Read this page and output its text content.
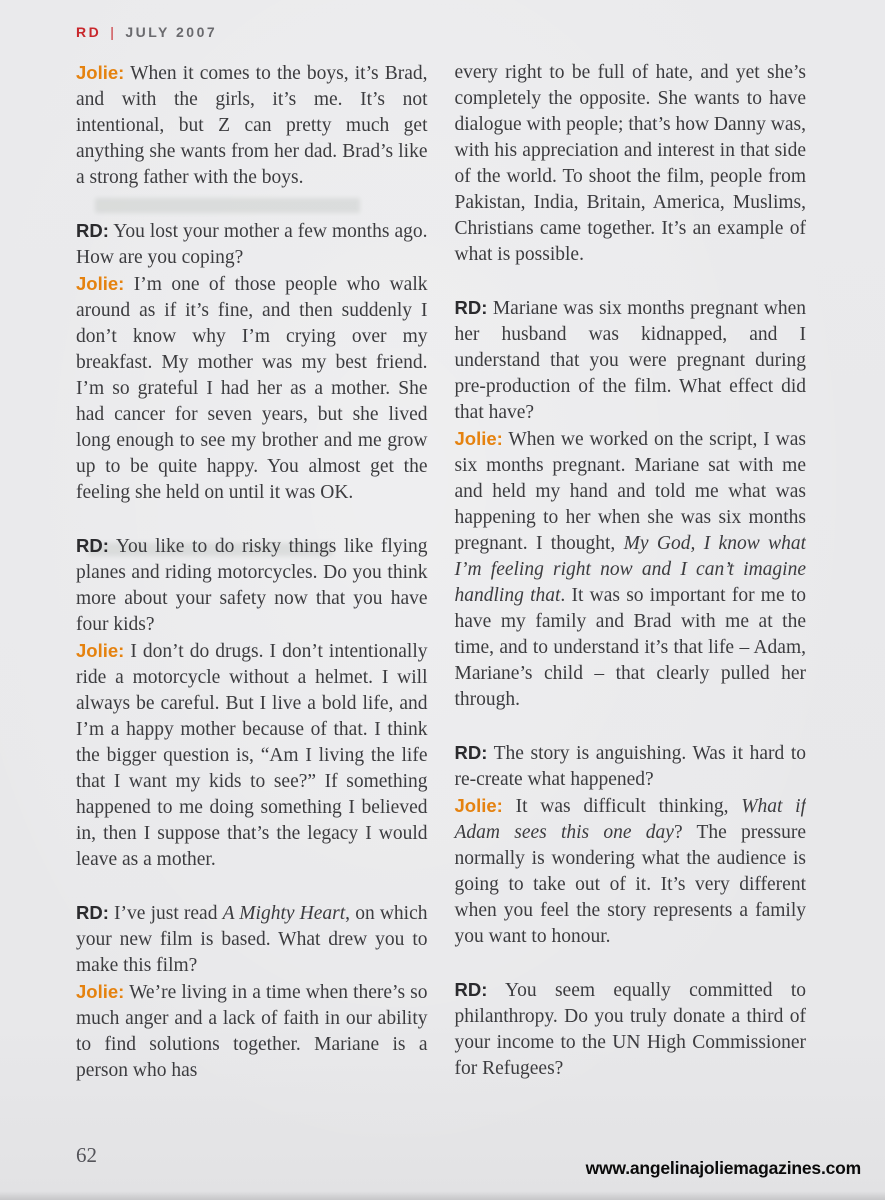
RD | JULY 2007

Jolie: When it comes to the boys, it’s Brad, and with the girls, it’s me. It’s not intentional, but Z can pretty much get anything she wants from her dad. Brad’s like a strong father with the boys.

RD: You lost your mother a few months ago. How are you coping?

Jolie: I’m one of those people who walk around as if it’s fine, and then suddenly I don’t know why I’m crying over my breakfast. My mother was my best friend. I’m so grateful I had her as a mother. She had cancer for seven years, but she lived long enough to see my brother and me grow up to be quite happy. You almost get the feeling she held on until it was OK.

RD: You like to do risky things like flying planes and riding motorcycles. Do you think more about your safety now that you have four kids?

Jolie: I don’t do drugs. I don’t intentionally ride a motorcycle without a helmet. I will always be careful. But I live a bold life, and I’m a happy mother because of that. I think the bigger question is, “Am I living the life that I want my kids to see?” If something happened to me doing something I believed in, then I suppose that’s the legacy I would leave as a mother.

RD: I’ve just read A Mighty Heart, on which your new film is based. What drew you to make this film?

Jolie: We’re living in a time when there’s so much anger and a lack of faith in our ability to find solutions together. Mariane is a person who has

every right to be full of hate, and yet she’s completely the opposite. She wants to have dialogue with people; that’s how Danny was, with his appreciation and interest in that side of the world. To shoot the film, people from Pakistan, India, Britain, America, Muslims, Christians came together. It’s an example of what is possible.

RD: Mariane was six months pregnant when her husband was kidnapped, and I understand that you were pregnant during pre-production of the film. What effect did that have?

Jolie: When we worked on the script, I was six months pregnant. Mariane sat with me and held my hand and told me what was happening to her when she was six months pregnant. I thought, My God, I know what I’m feeling right now and I can’t imagine handling that. It was so important for me to have my family and Brad with me at the time, and to understand it’s that life – Adam, Mariane’s child – that clearly pulled her through.

RD: The story is anguishing. Was it hard to re-create what happened?

Jolie: It was difficult thinking, What if Adam sees this one day? The pressure normally is wondering what the audience is going to take out of it. It’s very different when you feel the story represents a family you want to honour.

RD: You seem equally committed to philanthropy. Do you truly donate a third of your income to the UN High Commissioner for Refugees?

62
www.angelinajoliemagazines.com
